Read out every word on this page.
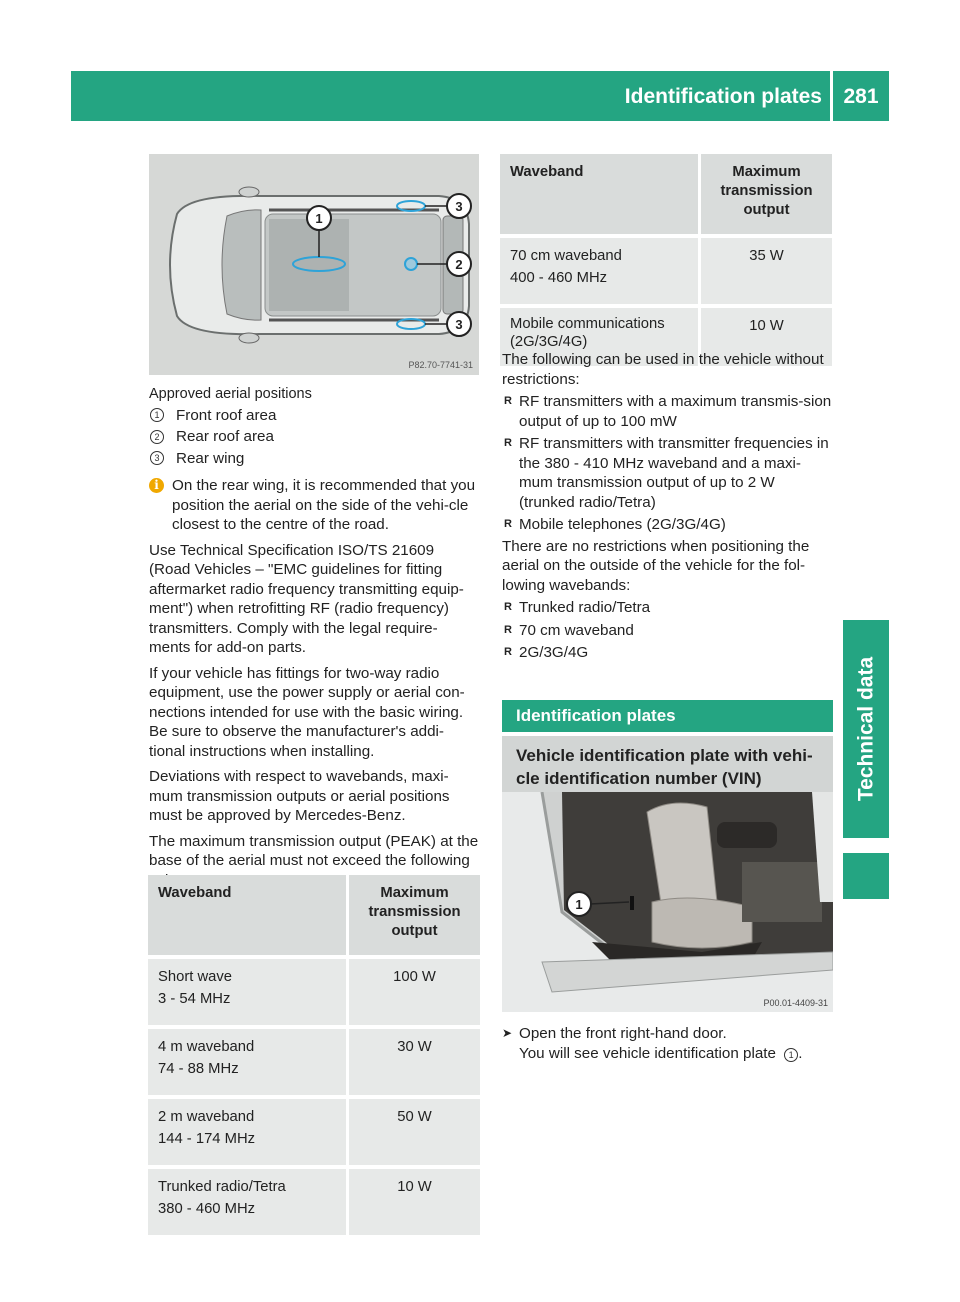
Identification plates	281
Technical data
1
2
3
3
P82.70-7741-31

Approved aerial positions

1 Front roof area
2 Rear roof area
3 Rear wing
i On the rear wing, it is recommended that you position the aerial on the side of the vehi-cle closest to the centre of the road.

Use Technical Specification ISO/TS 21609 (Road Vehicles – "EMC guidelines for fitting aftermarket radio frequency transmitting equip-ment") when retrofitting RF (radio frequency) transmitters. Comply with the legal require-ments for add-on parts.

If your vehicle has fittings for two-way radio equipment, use the power supply or aerial con-nections intended for use with the basic wiring. Be sure to observe the manufacturer's addi-tional instructions when installing.

Deviations with respect to wavebands, maxi-mum transmission outputs or aerial positions must be approved by Mercedes-Benz.

The maximum transmission output (PEAK) at the base of the aerial must not exceed the following

Waveband	Maximum transmission output

Short wave
3 - 54 MHz	100 W

4 m waveband
74 - 88 MHz	30 W

2 m waveband
144 - 174 MHz	50 W

Trunked radio/Tetra
380 - 460 MHz	10 W
Waveband	Maximum transmission output

70 cm waveband
400 - 460 MHz	35 W

Mobile communications (2G/3G/4G)	10 W

The following can be used in the vehicle without restrictions:

R RF transmitters with a maximum transmis-sion output of up to 100 mW
R RF transmitters with transmitter frequencies in the 380 - 410 MHz waveband and a maxi-mum transmission output of up to 2 W (trunked radio/Tetra)
R Mobile telephones (2G/3G/4G)

There are no restrictions when positioning the aerial on the outside of the vehicle for the fol-lowing wavebands:

R Trunked radio/Tetra
R 70 cm waveband
R 2G/3G/4G
Identification plates
Vehicle identification plate with vehi-cle identification number (VIN)
1
P00.01-4409-31
➤ Open the front right-hand door.
You will see vehicle identification plate 1 .
